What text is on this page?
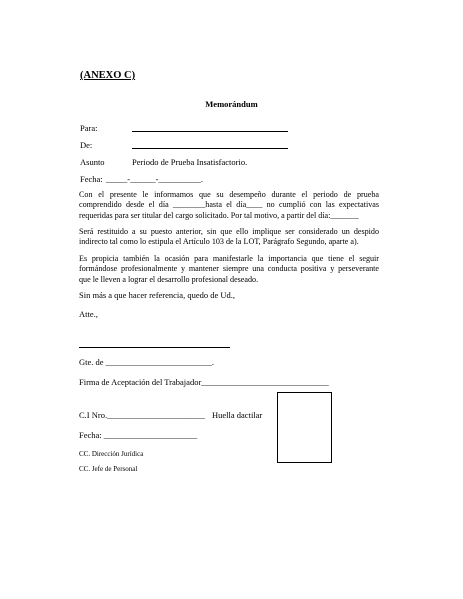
(ANEXO C)
Memorándum
Para:
De:
Asunto	Periodo de Prueba Insatisfactorio.
Fecha: _____-______-__________.
Con el presente le informamos que su desempeño durante el periodo de prueba
comprendido desde el día ________hasta el día____ no cumplió con las expectativas
requeridas para ser titular del cargo solicitado. Por tal motivo, a partir del día:_______
Será restituido a su puesto anterior, sin que ello implique ser considerado un despido
indirecto tal como lo estipula el Artículo 103 de la LOT, Parágrafo Segundo, aparte a).
Es propicia también la ocasión para manifestarle la importancia que tiene el seguir
formándose profesionalmente y mantener siempre una conducta positiva y perseverante
que le lleven a lograr el desarrollo profesional deseado.
Sin más a que hacer referencia, quedo de Ud.,
Atte.,
Gte. de _________________________.
Firma de Aceptación del Trabajador______________________________
C.I Nro._______________________ Huella dactilar
Fecha: ______________________
CC. Dirección Jurídica
CC. Jefe de Personal
